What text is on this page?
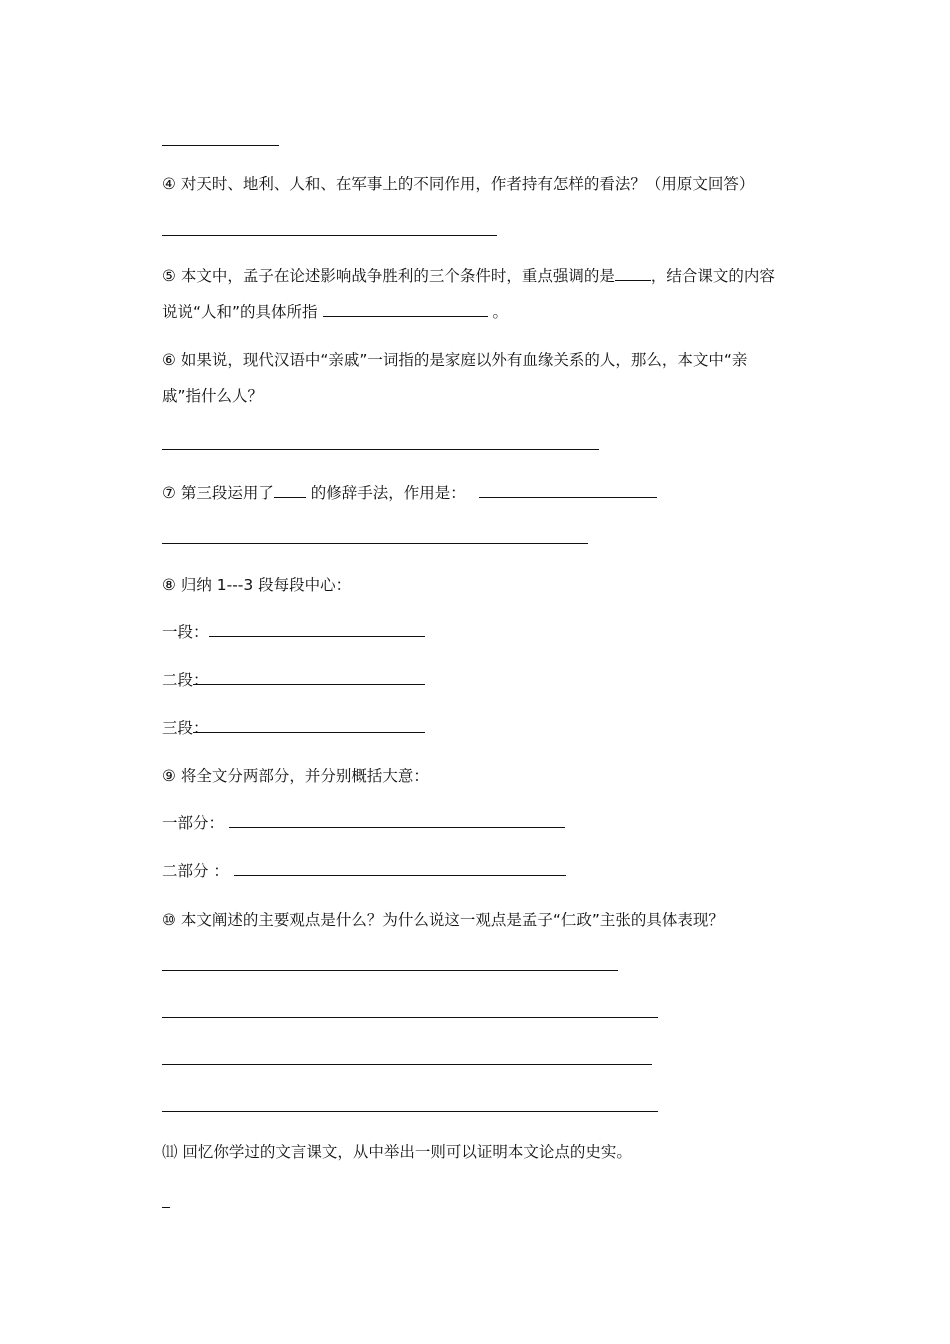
④ 对天时、地利、人和、在军事上的不同作用，作者持有怎样的看法？（用原文回答）
⑤ 本文中，孟子在论述影响战争胜利的三个条件时，重点强调的是 ，结合课文的内容
说说“人和”的具体所指	。
⑥ 如果说，现代汉语中“亲戚”一词指的是家庭以外有血缘关系的人，那么，本文中“亲
戚”指什么人？
⑦ 第三段运用了 的修辞手法，作用是：
⑧ 归纳 1---3 段每段中心：
一段：
二段：
三段：
⑨ 将全文分两部分，并分别概括大意：
一部分：
二部分 ：
⑩ 本文阐述的主要观点是什么？为什么说这一观点是孟子“仁政”主张的具体表现？
⑾ 回忆你学过的文言课文，从中举出一则可以证明本文论点的史实。
